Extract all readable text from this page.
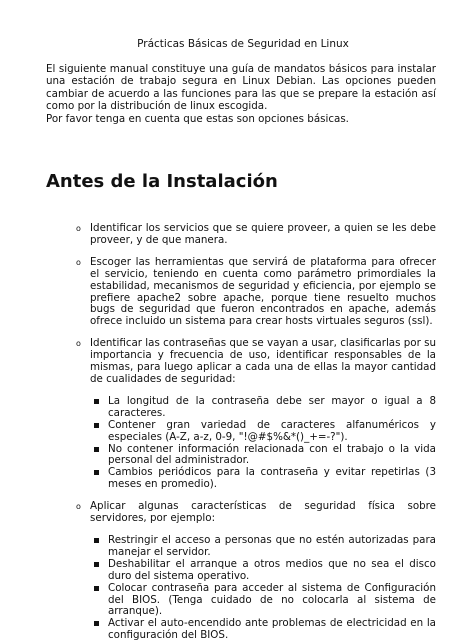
Prácticas Básicas de Seguridad en Linux

El siguiente manual constituye una guía de mandatos básicos para instalar una estación de trabajo segura en Linux Debian. Las opciones pueden cambiar de acuerdo a las funciones para las que se prepare la estación así como por la distribución de linux escogida.

Por favor tenga en cuenta que estas son opciones básicas.

Antes de la Instalación
o Identificar los servicios que se quiere proveer, a quien se les debe proveer, y de que manera.
o Escoger las herramientas que servirá de plataforma para ofrecer el servicio, teniendo en cuenta como parámetro primordiales la estabilidad, mecanismos de seguridad y eficiencia, por ejemplo se prefiere apache2 sobre apache, porque tiene resuelto muchos bugs de seguridad que fueron encontrados en apache, además ofrece incluido un sistema para crear hosts virtuales seguros (ssl).
o Identificar las contraseñas que se vayan a usar, clasificarlas por su importancia y frecuencia de uso, identificar responsables de la mismas, para luego aplicar a cada una de ellas la mayor cantidad de cualidades de seguridad:
La longitud de la contraseña debe ser mayor o igual a 8 caracteres.
Contener gran variedad de caracteres alfanuméricos y especiales (A-Z, a-z, 0-9, "!@#$%&*()_+=-?").
No contener información relacionada con el trabajo o la vida personal del administrador.
Cambios periódicos para la contraseña y evitar repetirlas (3 meses en promedio).
o Aplicar algunas características de seguridad física sobre servidores, por ejemplo:
Restringir el acceso a personas que no estén autorizadas para manejar el servidor.
Deshabilitar el arranque a otros medios que no sea el disco duro del sistema operativo.
Colocar contraseña para acceder al sistema de Configuración del BIOS. (Tenga cuidado de no colocarla al sistema de arranque).
Activar el auto-encendido ante problemas de electricidad en la configuración del BIOS.
